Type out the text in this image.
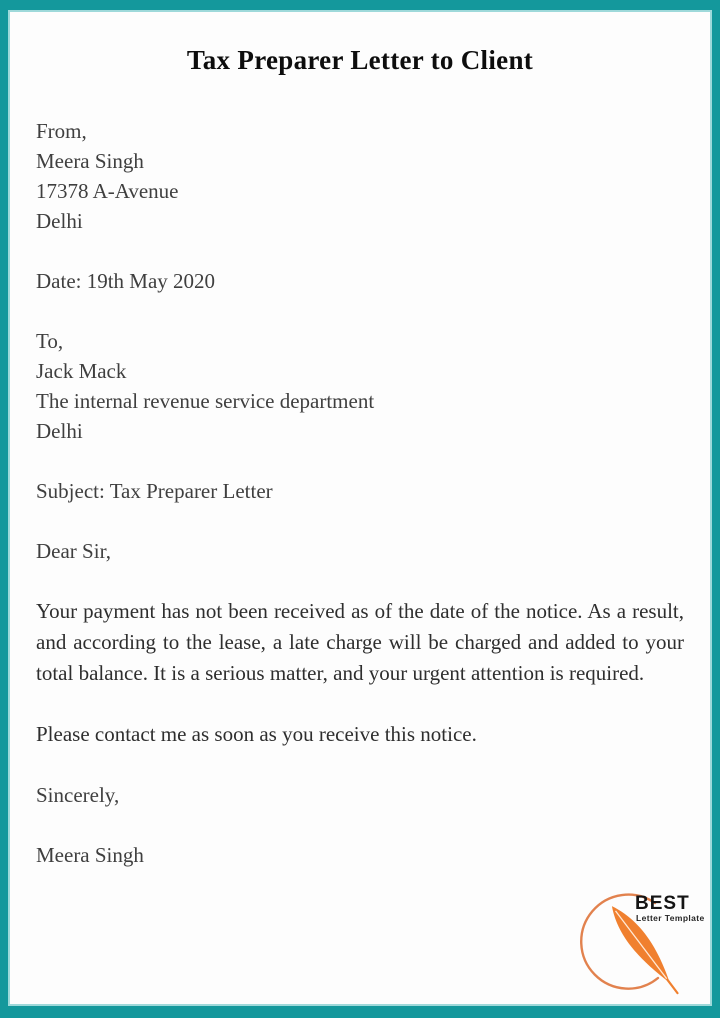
Tax Preparer Letter to Client
From,
Meera Singh
17378 A-Avenue
Delhi

Date: 19th May 2020

To,
Jack Mack
The internal revenue service department
Delhi

Subject: Tax Preparer Letter

Dear Sir,

Your payment has not been received as of the date of the notice. As a result, and according to the lease, a late charge will be charged and added to your total balance. It is a serious matter, and your urgent attention is required.

Please contact me as soon as you receive this notice.

Sincerely,

Meera Singh

BEST
Letter Template
